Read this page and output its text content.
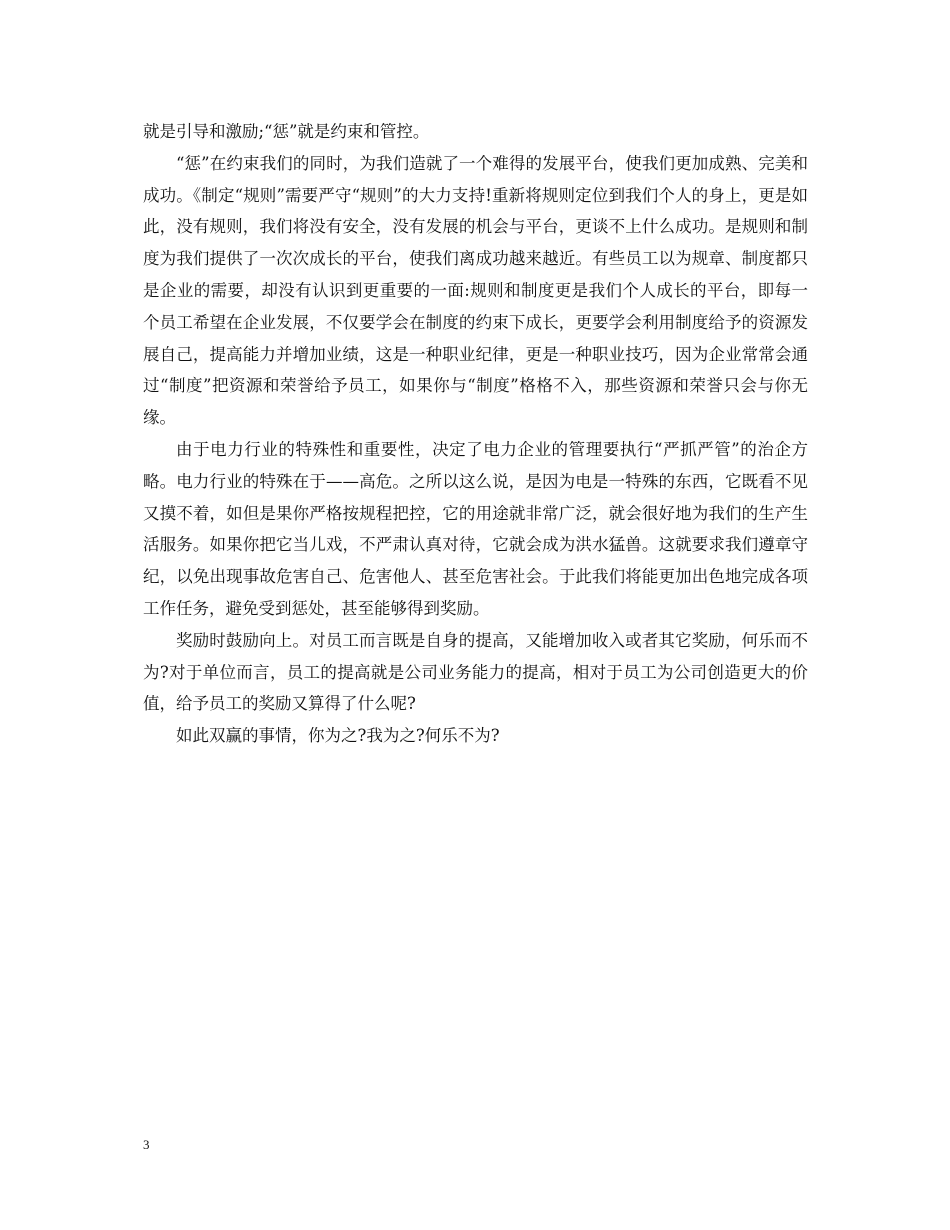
就是引导和激励;“惩”就是约束和管控。

“惩”在约束我们的同时，为我们造就了一个难得的发展平台，使我们更加成熟、完美和成功。《制定“规则”需要严守“规则”的大力支持!重新将规则定位到我们个人的身上，更是如此，没有规则，我们将没有安全，没有发展的机会与平台，更谈不上什么成功。是规则和制度为我们提供了一次次成长的平台，使我们离成功越来越近。有些员工以为规章、制度都只是企业的需要，却没有认识到更重要的一面:规则和制度更是我们个人成长的平台，即每一个员工希望在企业发展，不仅要学会在制度的约束下成长，更要学会利用制度给予的资源发展自己，提高能力并增加业绩，这是一种职业纪律，更是一种职业技巧，因为企业常常会通过“制度”把资源和荣誉给予员工，如果你与“制度”格格不入，那些资源和荣誉只会与你无缘。

由于电力行业的特殊性和重要性，决定了电力企业的管理要执行“严抓严管”的治企方略。电力行业的特殊在于——高危。之所以这么说，是因为电是一特殊的东西，它既看不见又摸不着，如但是果你严格按规程把控，它的用途就非常广泛，就会很好地为我们的生产生活服务。如果你把它当儿戏，不严肃认真对待，它就会成为洪水猛兽。这就要求我们遵章守纪，以免出现事故危害自己、危害他人、甚至危害社会。于此我们将能更加出色地完成各项工作任务，避免受到惩处，甚至能够得到奖励。

奖励时鼓励向上。对员工而言既是自身的提高，又能增加收入或者其它奖励，何乐而不为?对于单位而言，员工的提高就是公司业务能力的提高，相对于员工为公司创造更大的价值，给予员工的奖励又算得了什么呢?

如此双赢的事情，你为之?我为之?何乐不为?

3
